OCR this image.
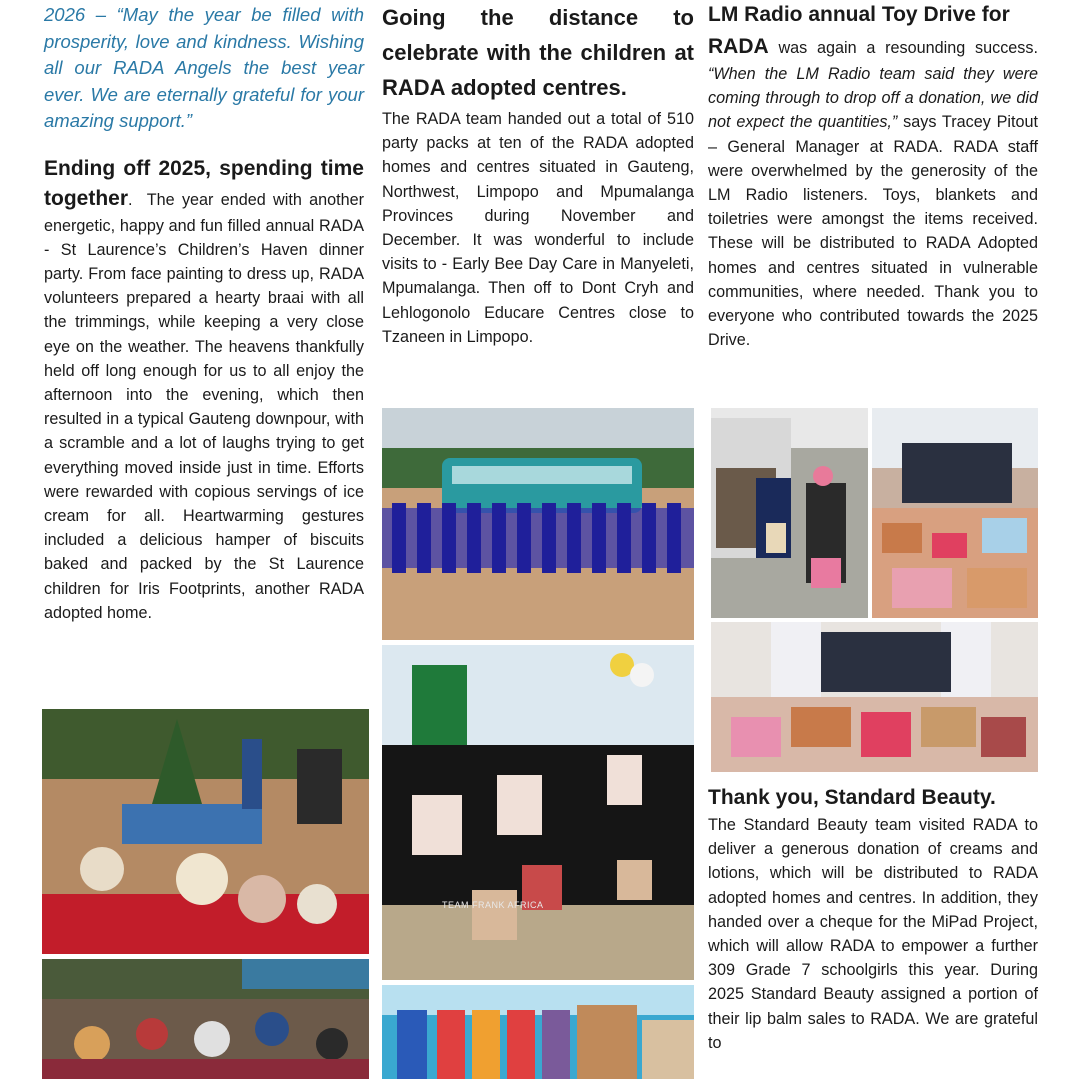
2026 – “May the year be filled with prosperity, love and kindness. Wishing all our RADA Angels the best year ever. We are eternally grateful for your amazing support.”

Ending off 2025, spending time together. The year ended with another energetic, happy and fun filled annual RADA - St Laurence’s Children’s Haven dinner party. From face painting to dress up, RADA volunteers prepared a hearty braai with all the trimmings, while keeping a very close eye on the weather. The heavens thankfully held off long enough for us to all enjoy the afternoon into the evening, which then resulted in a typical Gauteng downpour, with a scramble and a lot of laughs trying to get everything moved inside just in time. Efforts were rewarded with copious servings of ice cream for all. Heartwarming gestures included a delicious hamper of biscuits baked and packed by the St Laurence children for Iris Footprints, another RADA adopted home.

Going the distance to celebrate with the children at RADA adopted centres.

The RADA team handed out a total of 510 party packs at ten of the RADA adopted homes and centres situated in Gauteng, Northwest, Limpopo and Mpumalanga Provinces during November and December. It was wonderful to include visits to - Early Bee Day Care in Manyeleti, Mpumalanga. Then off to Dont Cryh and Lehlogonolo Educare Centres close to Tzaneen in Limpopo.

TEAM FRANK AFRICA

LM Radio annual Toy Drive for

RADA was again a resounding success. “When the LM Radio team said they were coming through to drop off a donation, we did not expect the quantities,” says Tracey Pitout – General Manager at RADA. RADA staff were overwhelmed by the generosity of the LM Radio listeners. Toys, blankets and toiletries were amongst the items received. These will be distributed to RADA Adopted homes and centres situated in vulnerable communities, where needed. Thank you to everyone who contributed towards the 2025 Drive.

Thank you, Standard Beauty.

The Standard Beauty team visited RADA to deliver a generous donation of creams and lotions, which will be distributed to RADA adopted homes and centres. In addition, they handed over a cheque for the MiPad Project, which will allow RADA to empower a further 309 Grade 7 schoolgirls this year. During 2025 Standard Beauty assigned a portion of their lip balm sales to RADA. We are grateful to
